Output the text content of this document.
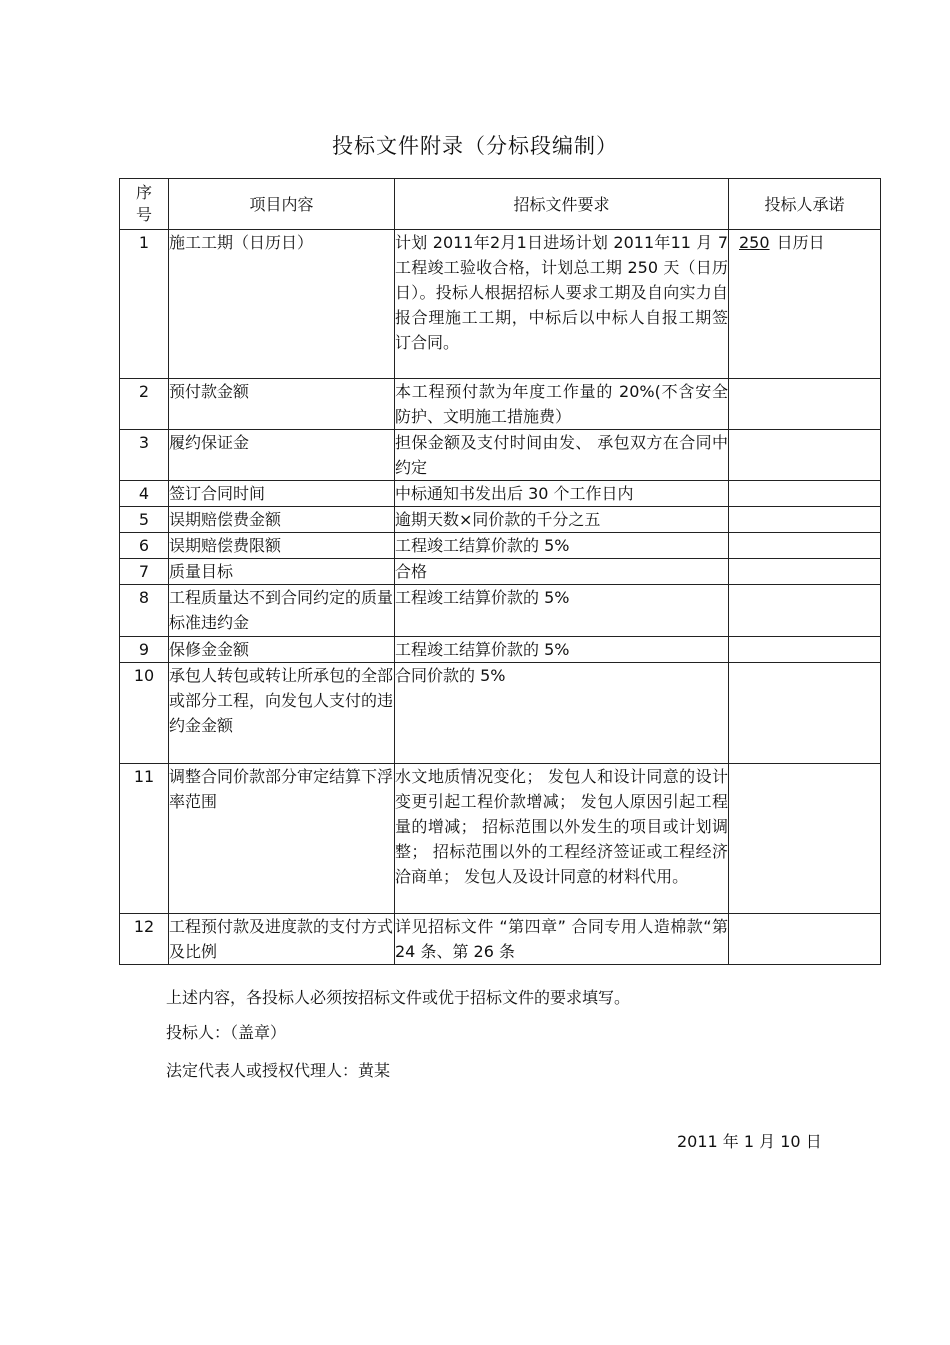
投标文件附录（分标段编制）
序
号	项目内容	招标文件要求	投标人承诺
1	施工工期（日历日）	计划 2011年2月1日进场计划 2011年11 月 7 工程竣工验收合格，计划总工期 250 天（日历日）。投标人根据招标人要求工期及自向实力自报合理施工工期，中标后以中标人自报工期签订合同。	250 日历日
2	预付款金额	本工程预付款为年度工作量的 20%(不含安全防护、文明施工措施费）	
3	履约保证金	担保金额及支付时间由发、 承包双方在合同中约定	
4	签订合同时间	中标通知书发出后 30 个工作日内	
5	误期赔偿费金额	逾期天数×同价款的千分之五	
6	误期赔偿费限额	工程竣工结算价款的 5%	
7	质量目标	合格	
8	工程质量达不到合同约定的质量标准违约金	工程竣工结算价款的 5%	
9	保修金金额	工程竣工结算价款的 5%	
10	承包人转包或转让所承包的全部或部分工程，向发包人支付的违约金金额	合同价款的 5%	
11	调整合同价款部分审定结算下浮率范围	水文地质情况变化； 发包人和设计同意的设计变更引起工程价款增减； 发包人原因引起工程量的增减； 招标范围以外发生的项目或计划调整； 招标范围以外的工程经济签证或工程经济洽商单； 发包人及设计同意的材料代用。	
12	工程预付款及进度款的支付方式及比例	详见招标文件 “第四章” 合同专用人造棉款“第 24 条、第 26 条	
上述内容，各投标人必须按招标文件或优于招标文件的要求填写。
投标人：（盖章）
法定代表人或授权代理人：黄某
2011 年 1 月 10 日
